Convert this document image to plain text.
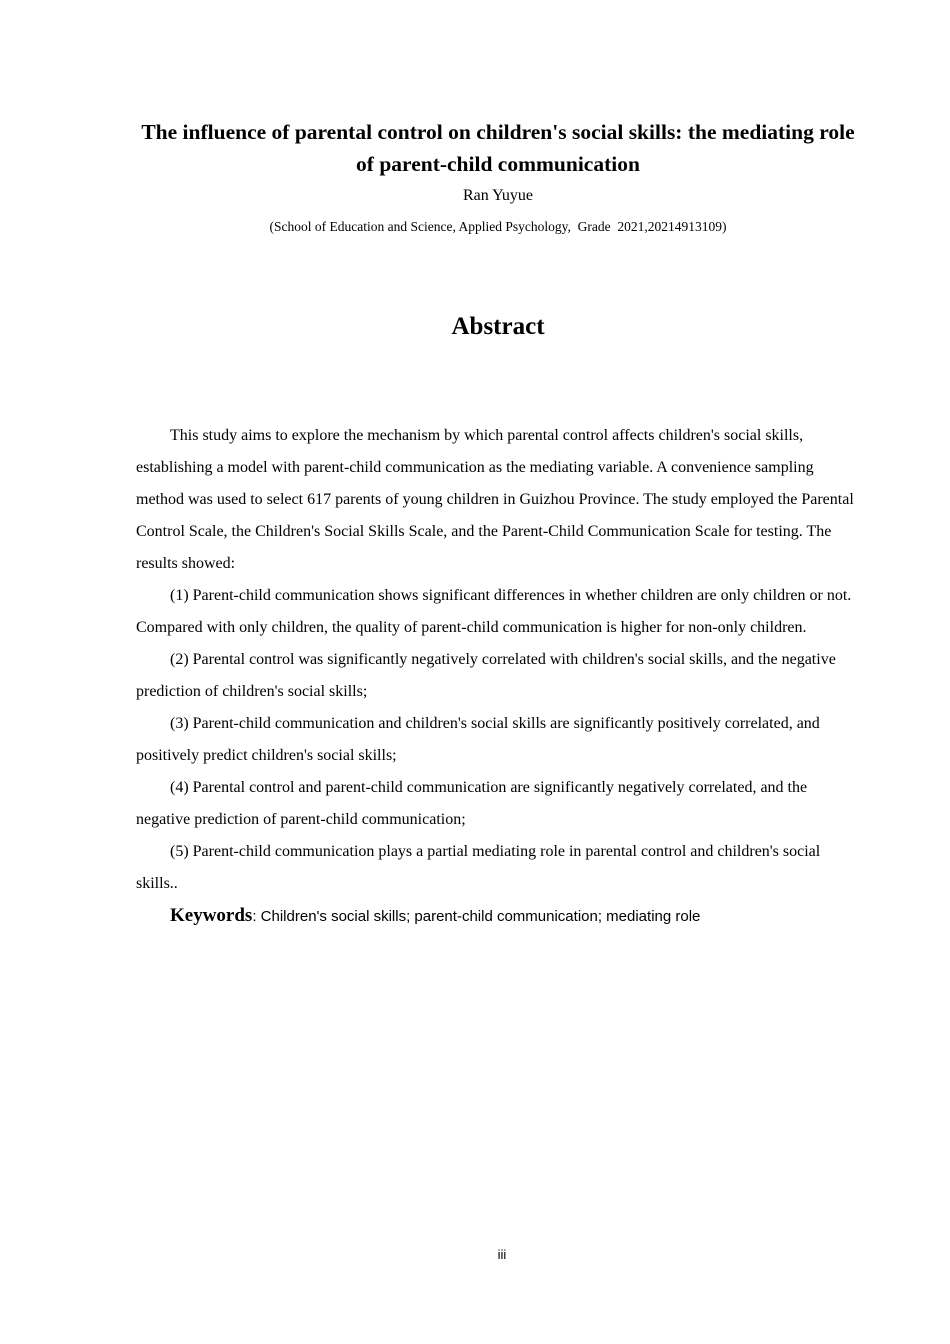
The influence of parental control on children's social skills: the mediating role of parent-child communication
Ran Yuyue
(School of Education and Science, Applied Psychology,  Grade  2021,20214913109)
Abstract

This study aims to explore the mechanism by which parental control affects children's social skills, establishing a model with parent-child communication as the mediating variable. A convenience sampling method was used to select 617 parents of young children in Guizhou Province. The study employed the Parental Control Scale, the Children's Social Skills Scale, and the Parent-Child Communication Scale for testing. The results showed:

(1) Parent-child communication shows significant differences in whether children are only children or not. Compared with only children, the quality of parent-child communication is higher for non-only children.

(2) Parental control was significantly negatively correlated with children's social skills, and the negative prediction of children's social skills;

(3) Parent-child communication and children's social skills are significantly positively correlated, and positively predict children's social skills;

(4) Parental control and parent-child communication are significantly negatively correlated, and the negative prediction of parent-child communication;

(5) Parent-child communication plays a partial mediating role in parental control and children's social skills..

Keywords: Children's social skills; parent-child communication; mediating role

iii
